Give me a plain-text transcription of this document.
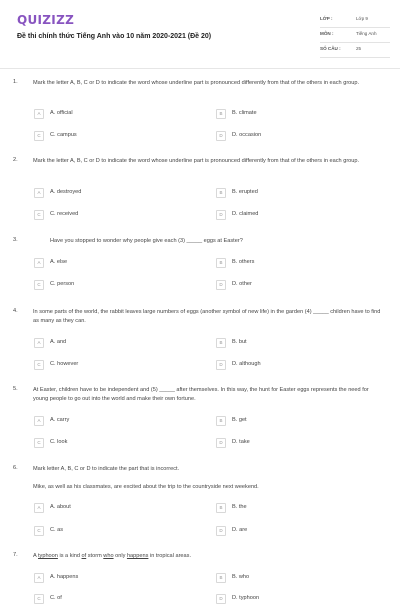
QUIZIZZ
Đề thi chính thức Tiếng Anh vào 10 năm 2020-2021 (Đề 20)
LỚP :	Lớp 9
MÔN :	Tiếng Anh
SỐ CÂU :	25
1.	Mark the letter A, B, C or D to indicate the word whose underline part is pronounced differently from that of the others in each group.
A	A. official	B	B. climate
C	C. campus	D	D. occasion
2.	Mark the letter A, B, C or D to indicate the word whose underline part is pronounced differently from that of the others in each group.
A	A. destroyed	B	B. erupted
C	C. received	D	D. claimed
3.	Have you stopped to wonder why people give each (3) _____ eggs at Easter?
A	A. else	B	B. others
C	C. person	D	D. other
4.	In some parts of the world, the rabbit leaves large numbers of eggs (another symbol of new life) in the garden (4) _____ children have to find as many as they can.
A	A. and	B	B. but
C	C. however	D	D. although
5.	At Easter, children have to be independent and (5) _____ after themselves. In this way, the hunt for Easter eggs represents the need for young people to go out into the world and make their own fortune.
A	A. carry	B	B. get
C	C. look	D	D. take
6.	Mark letter A, B, C or D to indicate the part that is incorrect.
Mike, as well as his classmates, are excited about the trip to the countryside next weekend.
A	A. about	B	B. the
C	C. as	D	D. are
7.	A typhoon is a kind of storm who only happens in tropical areas.
A	A. happens	B	B. who
C	C. of	D	D. typhoon
